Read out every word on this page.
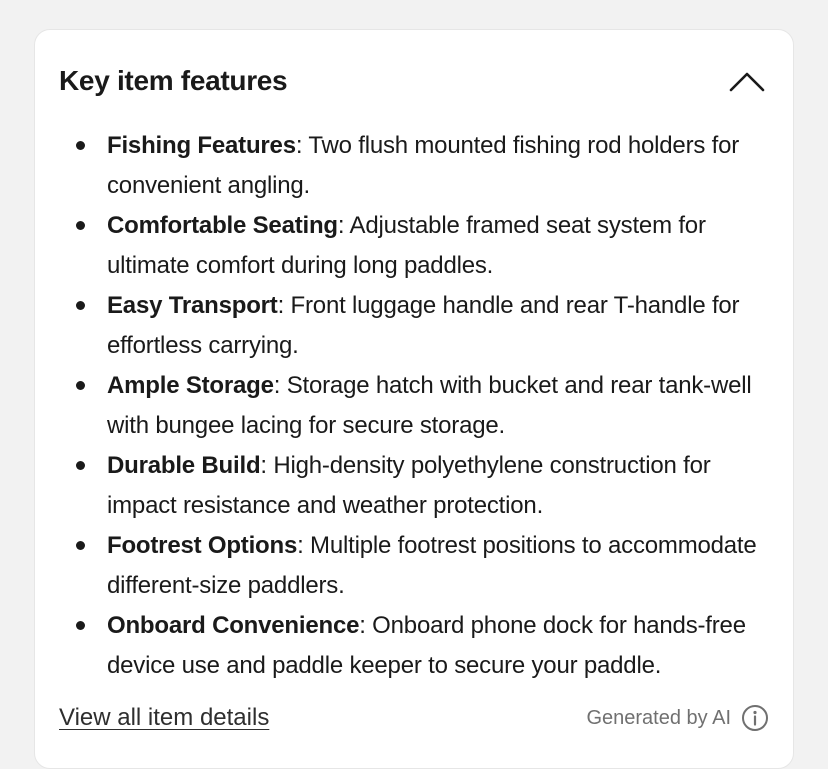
Key item features
Fishing Features: Two flush mounted fishing rod holders for convenient angling.
Comfortable Seating: Adjustable framed seat system for ultimate comfort during long paddles.
Easy Transport: Front luggage handle and rear T-handle for effortless carrying.
Ample Storage: Storage hatch with bucket and rear tank-well with bungee lacing for secure storage.
Durable Build: High-density polyethylene construction for impact resistance and weather protection.
Footrest Options: Multiple footrest positions to accommodate different-size paddlers.
Onboard Convenience: Onboard phone dock for hands-free device use and paddle keeper to secure your paddle.
View all item details	Generated by AI
